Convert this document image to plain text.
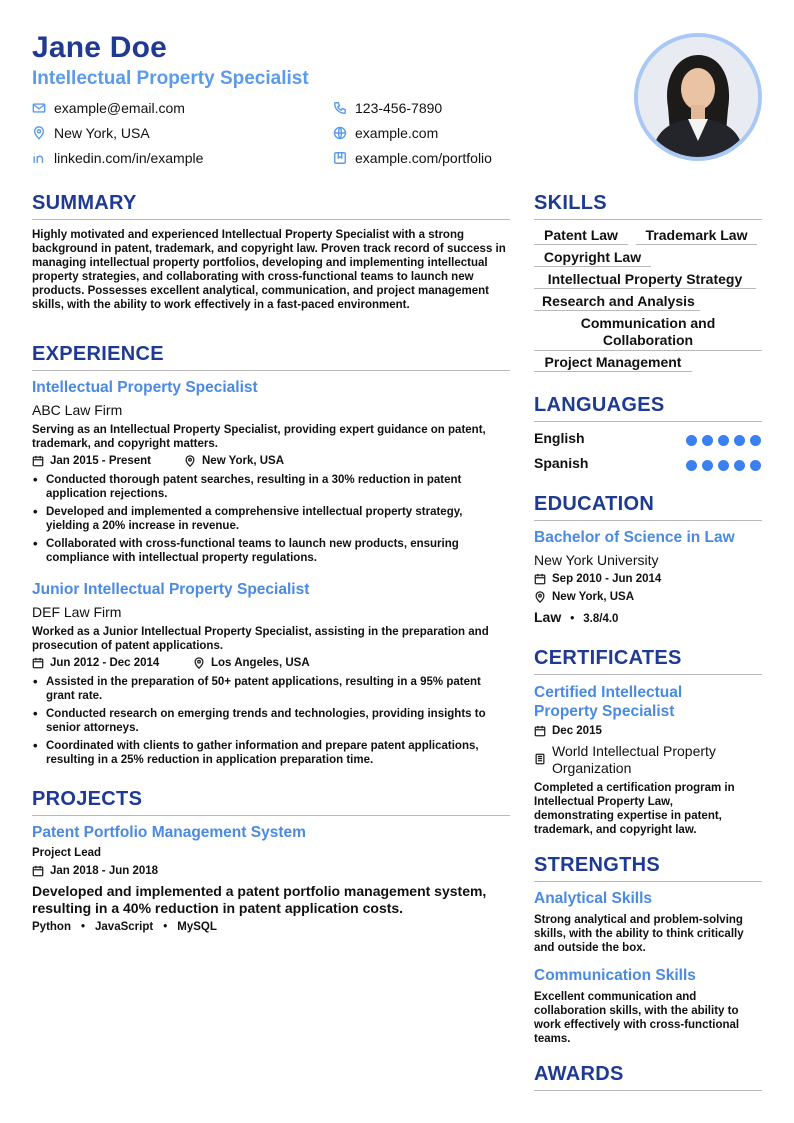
Jane Doe
Intellectual Property Specialist
example@email.com	123-456-7890
New York, USA	example.com
linkedin.com/in/example	example.com/portfolio
SUMMARY
Highly motivated and experienced Intellectual Property Specialist with a strong background in patent, trademark, and copyright law. Proven track record of success in managing intellectual property portfolios, developing and implementing intellectual property strategies, and collaborating with cross-functional teams to launch new products. Possesses excellent analytical, communication, and project management skills, with the ability to work effectively in a fast-paced environment.
EXPERIENCE
Intellectual Property Specialist
ABC Law Firm
Serving as an Intellectual Property Specialist, providing expert guidance on patent, trademark, and copyright matters.
Jan 2015 - Present	New York, USA
• Conducted thorough patent searches, resulting in a 30% reduction in patent application rejections.
• Developed and implemented a comprehensive intellectual property strategy, yielding a 20% increase in revenue.
• Collaborated with cross-functional teams to launch new products, ensuring compliance with intellectual property regulations.
Junior Intellectual Property Specialist
DEF Law Firm
Worked as a Junior Intellectual Property Specialist, assisting in the preparation and prosecution of patent applications.
Jun 2012 - Dec 2014	Los Angeles, USA
• Assisted in the preparation of 50+ patent applications, resulting in a 95% patent grant rate.
• Conducted research on emerging trends and technologies, providing insights to senior attorneys.
• Coordinated with clients to gather information and prepare patent applications, resulting in a 25% reduction in application preparation time.
PROJECTS
Patent Portfolio Management System
Project Lead
Jan 2018 - Jun 2018
Developed and implemented a patent portfolio management system, resulting in a 40% reduction in patent application costs.
Python • JavaScript • MySQL
SKILLS
Patent Law	Trademark Law
Copyright Law
Intellectual Property Strategy
Research and Analysis
Communication and Collaboration
Project Management
LANGUAGES
English
Spanish
EDUCATION
Bachelor of Science in Law
New York University
Sep 2010 - Jun 2014
New York, USA
Law • 3.8/4.0
CERTIFICATES
Certified Intellectual Property Specialist
Dec 2015
World Intellectual Property Organization
Completed a certification program in Intellectual Property Law, demonstrating expertise in patent, trademark, and copyright law.
STRENGTHS
Analytical Skills
Strong analytical and problem-solving skills, with the ability to think critically and outside the box.
Communication Skills
Excellent communication and collaboration skills, with the ability to work effectively with cross-functional teams.
AWARDS
